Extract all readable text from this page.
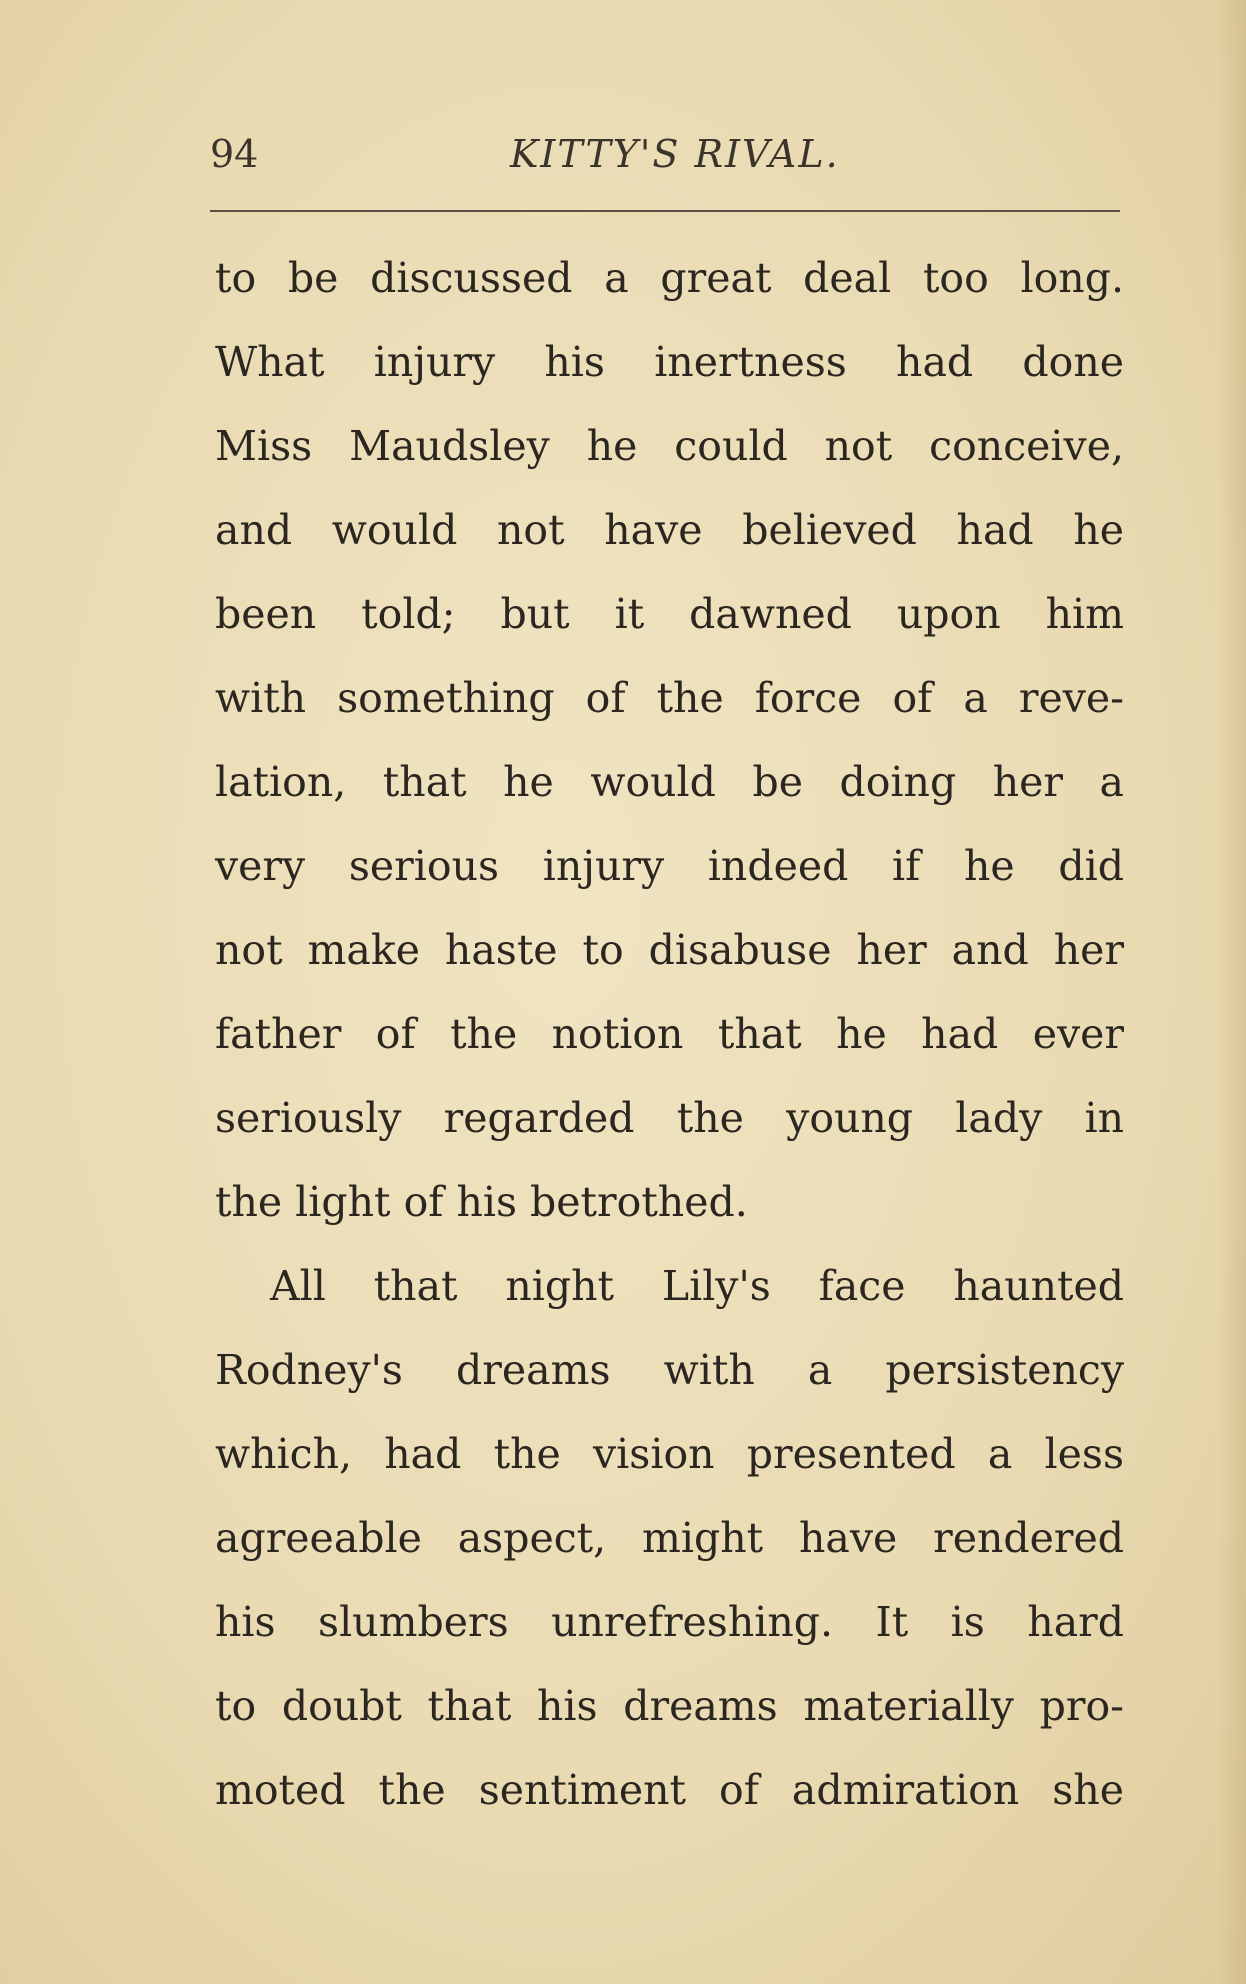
94	KITTY'S RIVAL.
to be discussed a great deal too long.
What injury his inertness had done
Miss Maudsley he could not conceive,
and would not have believed had he
been told; but it dawned upon him
with something of the force of a reve-
lation, that he would be doing her a
very serious injury indeed if he did
not make haste to disabuse her and her
father of the notion that he had ever
seriously regarded the young lady in
the light of his betrothed.
All that night Lily's face haunted
Rodney's dreams with a persistency
which, had the vision presented a less
agreeable aspect, might have rendered
his slumbers unrefreshing. It is hard
to doubt that his dreams materially pro-
moted the sentiment of admiration she
